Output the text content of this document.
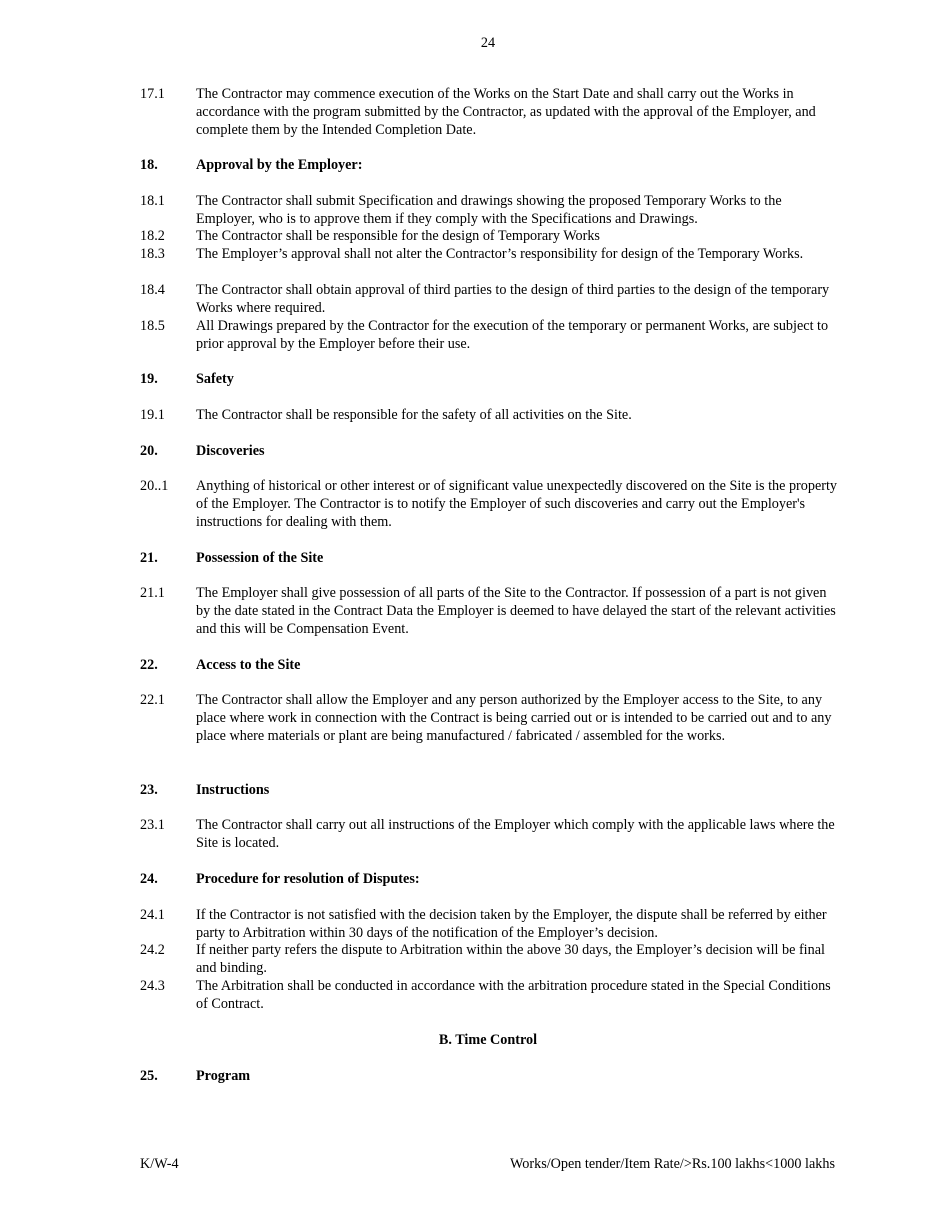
24
17.1 The Contractor may commence execution of the Works on the Start Date and shall carry out the Works in accordance with the program submitted by the Contractor, as updated with the approval of the Employer, and complete them by the Intended Completion Date.
18.	Approval by the Employer:
18.1 The Contractor shall submit Specification and drawings showing the proposed Temporary Works to the Employer, who is to approve them if they comply with the Specifications and Drawings.
18.2 The Contractor shall be responsible for the design of Temporary Works
18.3 The Employer’s approval shall not alter the Contractor’s responsibility for design of the Temporary Works.
18.4 The Contractor shall obtain approval of third parties to the design of third parties to the design of the temporary Works where required.
18.5 All Drawings prepared by the Contractor for the execution of the temporary or permanent Works, are subject to prior approval by the Employer before their use.
19.	Safety
19.1 The Contractor shall be responsible for the safety of all activities on the Site.
20.	Discoveries
20..1 Anything of historical or other interest or of significant value unexpectedly discovered on the Site is the property of the Employer. The Contractor is to notify the Employer of such discoveries and carry out the Employer's instructions for dealing with them.
21.	Possession of the Site
21.1 The Employer shall give possession of all parts of the Site to the Contractor. If possession of a part is not given by the date stated in the Contract Data the Employer is deemed to have delayed the start of the relevant activities and this will be Compensation Event.
22.	Access to the Site
22.1 The Contractor shall allow the Employer and any person authorized by the Employer access to the Site, to any place where work in connection with the Contract is being carried out or is intended to be carried out and to any place where materials or plant are being manufactured / fabricated / assembled for the works.
23.	Instructions
23.1 The Contractor shall carry out all instructions of the Employer which comply with the applicable laws where the Site is located.
24.	Procedure for resolution of Disputes:
24.1 If the Contractor is not satisfied with the decision taken by the Employer, the dispute shall be referred by either party to Arbitration within 30 days of the notification of the Employer’s decision.
24.2 If neither party refers the dispute to Arbitration within the above 30 days, the Employer’s decision will be final and binding.
24.3 The Arbitration shall be conducted in accordance with the arbitration procedure stated in the Special Conditions of Contract.
B. Time Control
25.	Program
K/W-4	Works/Open tender/Item Rate/>Rs.100 lakhs<1000 lakhs
